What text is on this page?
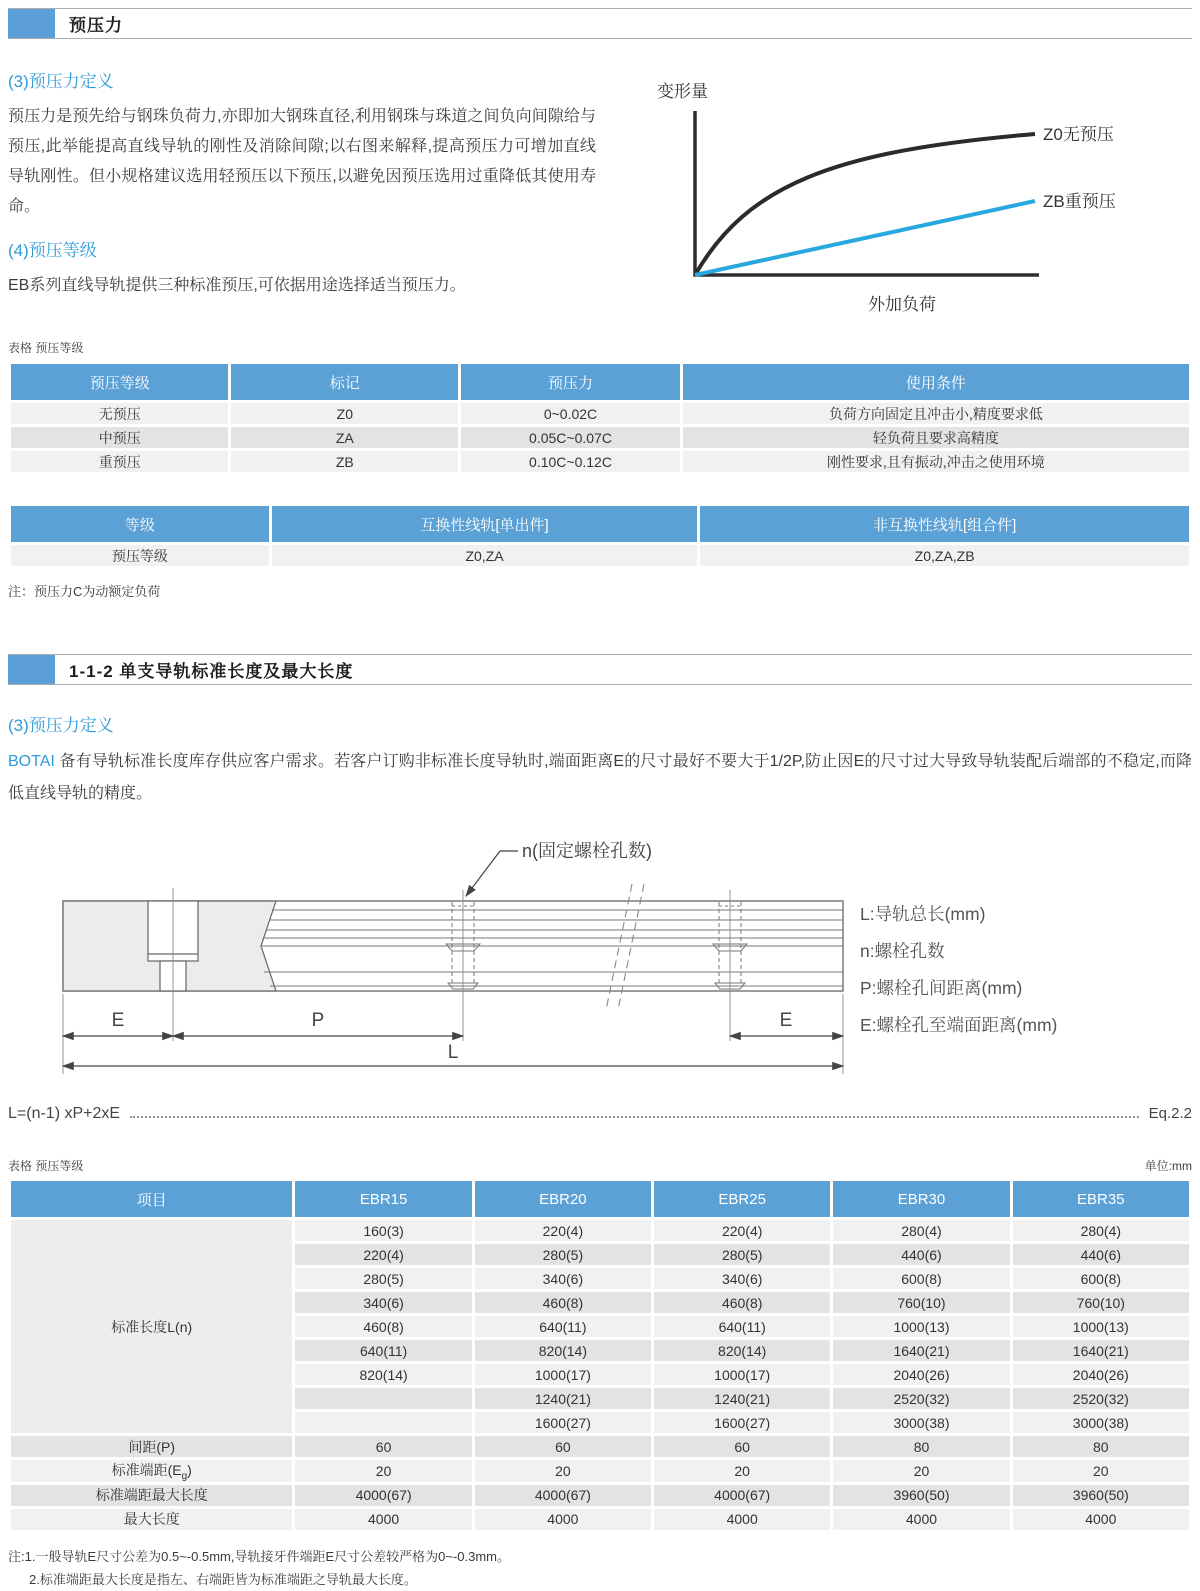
预压力
(3)预压力定义
预压力是预先给与钢珠负荷力,亦即加大钢珠直径,利用钢珠与珠道之间负向间隙给与预压,此举能提高直线导轨的刚性及消除间隙;以右图来解释,提高预压力可增加直线导轨刚性。但小规格建议选用轻预压以下预压,以避免因预压选用过重降低其使用寿命。
(4)预压等级
EB系列直线导轨提供三种标准预压,可依据用途选择适当预压力。
变形量
Z0无预压
ZB重预压
外加负荷
表格 预压等级
预压等级	标记	预压力	使用条件
无预压	Z0	0~0.02C	负荷方向固定且冲击小,精度要求低
中预压	ZA	0.05C~0.07C	轻负荷且要求高精度
重预压	ZB	0.10C~0.12C	刚性要求,且有振动,冲击之使用环境
等级	互换性线轨[单出件]	非互换性线轨[组合件]
预压等级	Z0,ZA	Z0,ZA,ZB
注：预压力C为动额定负荷
1-1-2 单支导轨标准长度及最大长度
(3)预压力定义
BOTAI 备有导轨标准长度库存供应客户需求。若客户订购非标准长度导轨时,端面距离E的尺寸最好不要大于1/2P,防止因E的尺寸过大导致导轨装配后端部的不稳定,而降低直线导轨的精度。
n(固定螺栓孔数)
E	P	E
L
L:导轨总长(mm)
n:螺栓孔数
P:螺栓孔间距离(mm)
E:螺栓孔至端面距离(mm)
L=(n-1) xP+2xE	Eq.2.2
表格 预压等级	单位:mm
项目	EBR15	EBR20	EBR25	EBR30	EBR35
标准长度L(n)	160(3)	220(4)	220(4)	280(4)	280(4)
	220(4)	280(5)	280(5)	440(6)	440(6)
	280(5)	340(6)	340(6)	600(8)	600(8)
	340(6)	460(8)	460(8)	760(10)	760(10)
	460(8)	640(11)	640(11)	1000(13)	1000(13)
	640(11)	820(14)	820(14)	1640(21)	1640(21)
	820(14)	1000(17)	1000(17)	2040(26)	2040(26)
		1240(21)	1240(21)	2520(32)	2520(32)
		1600(27)	1600(27)	3000(38)	3000(38)
间距(P)	60	60	60	80	80
标准端距$(E_g)$	20	20	20	20	20
标准端距最大长度	4000(67)	4000(67)	4000(67)	3960(50)	3960(50)
最大长度	4000	4000	4000	4000	4000
注:1.一般导轨E尺寸公差为0.5~-0.5mm,导轨接牙件端距E尺寸公差较严格为0~-0.3mm。
2.标准端距最大长度是指左、右端距皆为标准端距之导轨最大长度。
